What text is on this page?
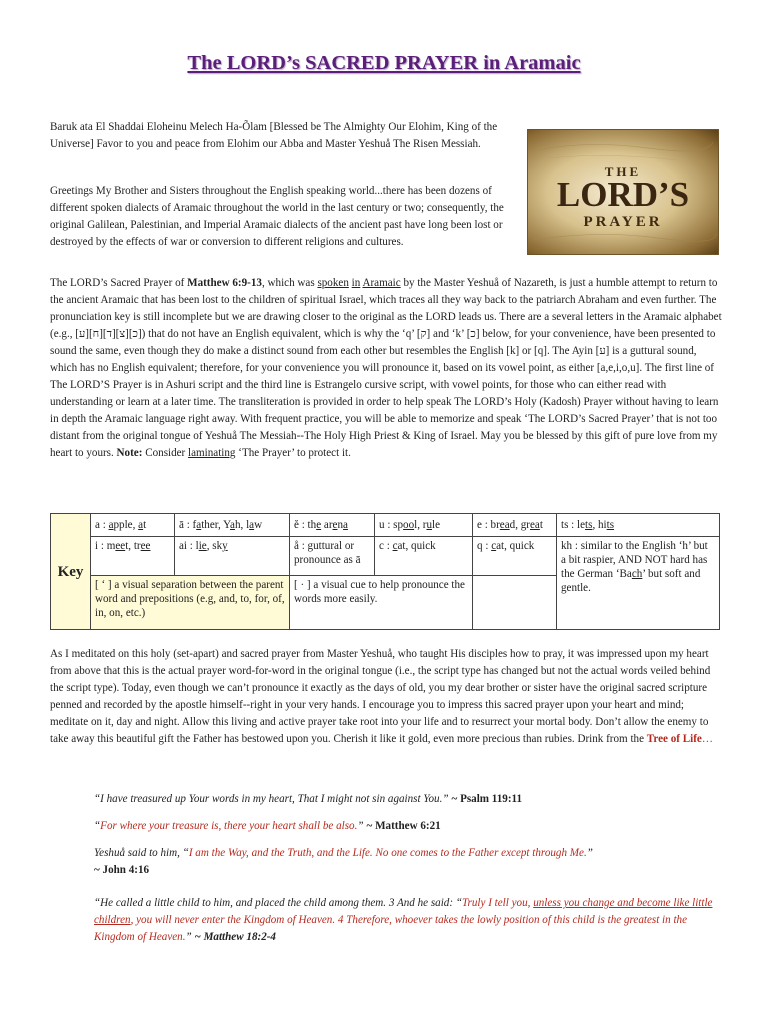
The LORD’s SACRED PRAYER in Aramaic

Baruk ata El Shaddai Eloheinu Melech Ha-Õlam [Blessed be The Almighty Our Elohim, King of the Universe] Favor to you and peace from Elohim our Abba and Master Yeshuå The Risen Messiah.

Greetings My Brother and Sisters throughout the English speaking world...there has been dozens of different spoken dialects of Aramaic throughout the world in the last century or two; consequently, the original Galilean, Palestinian, and Imperial Aramaic dialects of the ancient past have long been lost or destroyed by the effects of war or conversion to different religions and cultures.

THE
LORD’S
PRAYER

The LORD’s Sacred Prayer of Matthew 6:9-13, which was spoken in Aramaic by the Master Yeshuå of Nazareth, is just a humble attempt to return to the ancient Aramaic that has been lost to the children of spiritual Israel, which traces all they way back to the patriarch Abraham and even further. The pronunciation key is still incomplete but we are drawing closer to the original as the LORD leads us. There are a several letters in the Aramaic alphabet (e.g., [ע][ח][ד][צ][כ]) that do not have an English equivalent, which is why the ‘q’ [ק] and ‘k’ [כ] below, for your convenience, have been presented to sound the same, even though they do make a distinct sound from each other but resembles the English [k] or [q]. The Ayin [ע] is a guttural sound, which has no English equivalent; therefore, for your convenience you will pronounce it, based on its vowel point, as either [a,e,i,o,u]. The first line of The LORD’S Prayer is in Ashuri script and the third line is Estrangelo cursive script, with vowel points, for those who can either read with understanding or learn at a later time. The transliteration is provided in order to help speak The LORD’s Holy (Kadosh) Prayer without having to learn in depth the Aramaic language right away. With frequent practice, you will be able to memorize and speak ‘The LORD’s Sacred Prayer’ that is not too distant from the original tongue of Yeshuå The Messiah--The Holy High Priest & King of Israel. May you be blessed by this gift of pure love from my heart to yours. Note: Consider laminating ‘The Prayer’ to protect it.

Key	a : apple, at	ā : father, Yah, law	ĕ : the arena	u : spool, rule	e : bread, great	ts : lets, hits
	i : meet, tree	ai : lie, sky	å : guttural or pronounce as ā	c : cat, quick	q : cat, quick	kh : similar to the English ‘h’ but a bit raspier, AND NOT hard has the German ‘Bach’ but soft and gentle.
	[ ‘ ] a visual separation between the parent word and prepositions (e.g, and, to, for, of, in, on, etc.)		[ · ] a visual cue to help pronounce the words more easily.			

As I meditated on this holy (set-apart) and sacred prayer from Master Yeshuå, who taught His disciples how to pray, it was impressed upon my heart from above that this is the actual prayer word-for-word in the original tongue (i.e., the script type has changed but not the actual words veiled behind the script type). Today, even though we can’t pronounce it exactly as the days of old, you my dear brother or sister have the original sacred scripture penned and recorded by the apostle himself--right in your very hands. I encourage you to impress this sacred prayer upon your heart and mind; meditate on it, day and night. Allow this living and active prayer take root into your life and to resurrect your mortal body. Don’t allow the enemy to take away this beautiful gift the Father has bestowed upon you. Cherish it like it gold, even more precious than rubies. Drink from the Tree of Life…

“I have treasured up Your words in my heart, That I might not sin against You.” ~ Psalm 119:11

“For where your treasure is, there your heart shall be also.” ~ Matthew 6:21

Yeshuå said to him, “I am the Way, and the Truth, and the Life. No one comes to the Father except through Me.”
~ John 4:16

“He called a little child to him, and placed the child among them. 3 And he said: “Truly I tell you, unless you change and become like little children, you will never enter the Kingdom of Heaven. 4 Therefore, whoever takes the lowly position of this child is the greatest in the Kingdom of Heaven.” ~ Matthew 18:2-4
